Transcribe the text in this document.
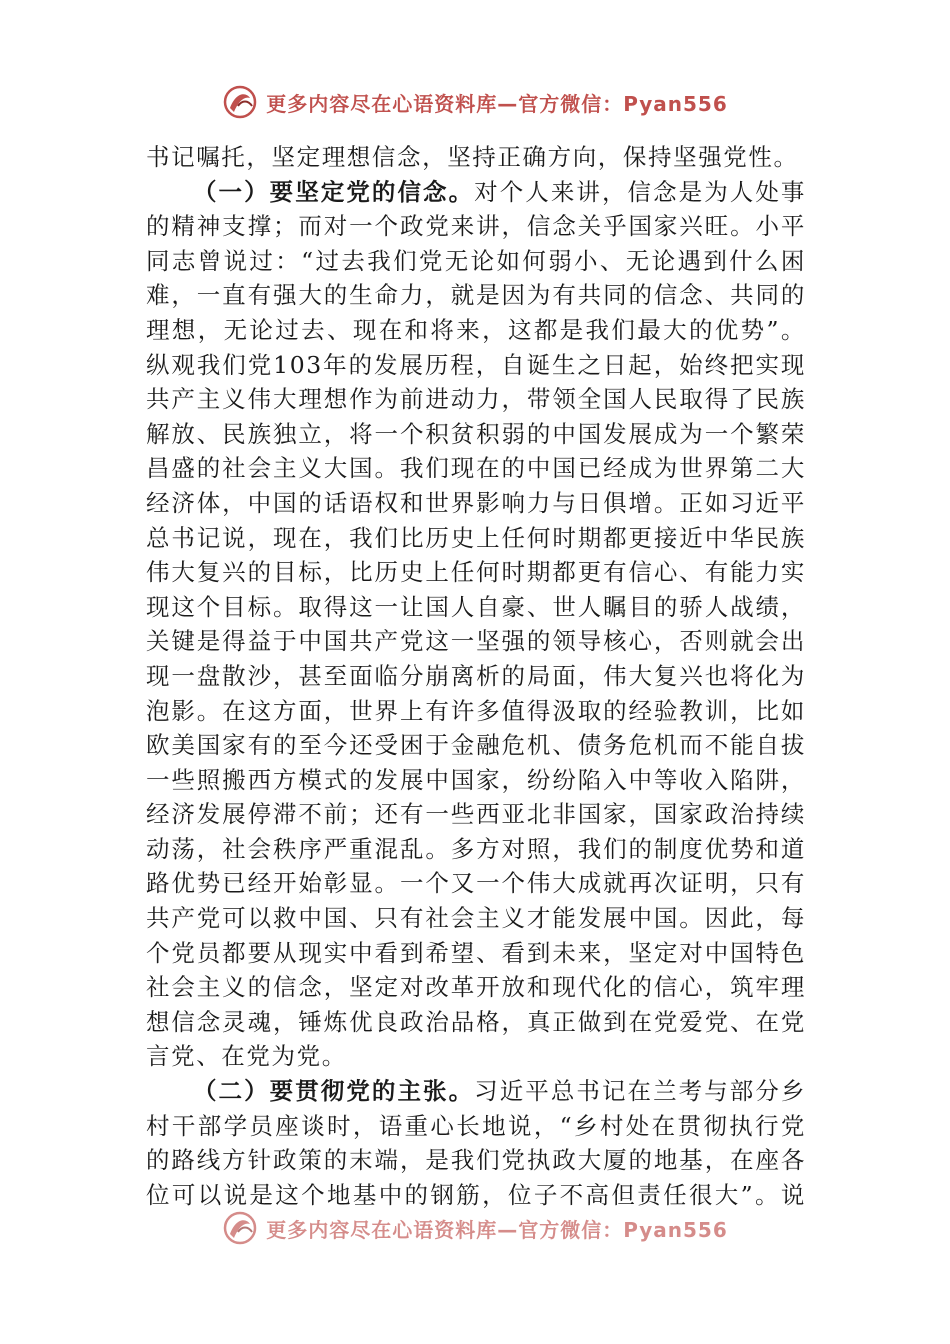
更多内容尽在心语资料库—官方微信：Pyan556
书记嘱托，坚定理想信念，坚持正确方向，保持坚强党性。
（一）要坚定党的信念。对个人来讲，信念是为人处事
的精神支撑；而对一个政党来讲，信念关乎国家兴旺。小平
同志曾说过：“过去我们党无论如何弱小、无论遇到什么困
难，一直有强大的生命力，就是因为有共同的信念、共同的
理想，无论过去、现在和将来，这都是我们最大的优势”。
纵观我们党103年的发展历程，自诞生之日起，始终把实现
共产主义伟大理想作为前进动力，带领全国人民取得了民族
解放、民族独立，将一个积贫积弱的中国发展成为一个繁荣
昌盛的社会主义大国。我们现在的中国已经成为世界第二大
经济体，中国的话语权和世界影响力与日俱增。正如习近平
总书记说，现在，我们比历史上任何时期都更接近中华民族
伟大复兴的目标，比历史上任何时期都更有信心、有能力实
现这个目标。取得这一让国人自豪、世人瞩目的骄人战绩，
关键是得益于中国共产党这一坚强的领导核心，否则就会出
现一盘散沙，甚至面临分崩离析的局面，伟大复兴也将化为
泡影。在这方面，世界上有许多值得汲取的经验教训，比如
欧美国家有的至今还受困于金融危机、债务危机而不能自拔
一些照搬西方模式的发展中国家，纷纷陷入中等收入陷阱，
经济发展停滞不前；还有一些西亚北非国家，国家政治持续
动荡，社会秩序严重混乱。多方对照，我们的制度优势和道
路优势已经开始彰显。一个又一个伟大成就再次证明，只有
共产党可以救中国、只有社会主义才能发展中国。因此，每
个党员都要从现实中看到希望、看到未来，坚定对中国特色
社会主义的信念，坚定对改革开放和现代化的信心，筑牢理
想信念灵魂，锤炼优良政治品格，真正做到在党爱党、在党
言党、在党为党。
（二）要贯彻党的主张。习近平总书记在兰考与部分乡
村干部学员座谈时，语重心长地说，“乡村处在贯彻执行党
的路线方针政策的末端，是我们党执政大厦的地基，在座各
位可以说是这个地基中的钢筋，位子不高但责任很大”。说
更多内容尽在心语资料库—官方微信：Pyan556
